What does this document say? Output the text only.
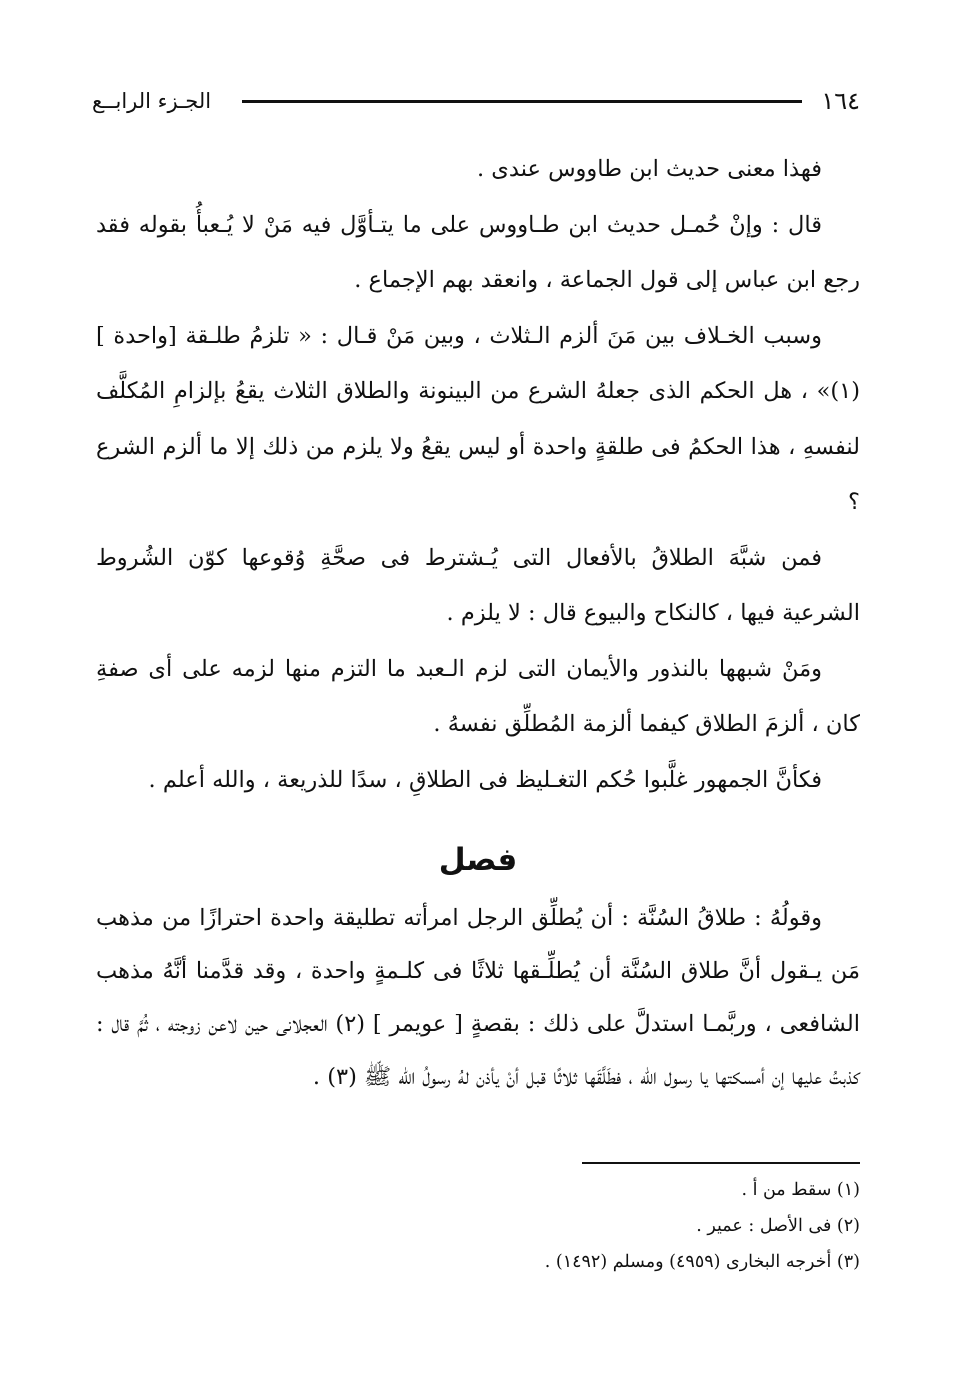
١٦٤
الجـزء الرابــع

فهذا معنى حديث ابن طاووس عندى .

قال : وإنْ حُمـل حديث ابن طـاووس على ما يتـأوَّل فيه مَنْ لا يُـعبأُ بقوله فقد رجع ابن عباس إلى قول الجماعة ، وانعقد بهم الإجماع .

وسبب الخـلاف بين مَنَ ألزم الـثلاث ، وبين مَنْ قـال : « تلزمُ طلـقة [واحدة ] (١)» ، هل الحكم الذى جعلهُ الشرع من البينونة والطلاق الثلاث يقعُ بإلزامِ المُكلَّف لنفسهِ ، هذا الحكمُ فى طلقةٍ واحدة أو ليس يقعُ ولا يلزم من ذلك إلا ما ألزم الشرع ؟

فمن شبَّهَ الطلاقُ بالأفعال التى يُـشترط فى صحَّةِ وُقوعها كوّن الشُروط الشرعية فيها ، كالنكاح والبيوع قال : لا يلزم .

ومَنْ شبهها بالنذور والأيمان التى لزم الـعبد ما التزم منها لزمه على أى صفةِ كان ، ألزمَ الطلاق كيفما ألزمة المُطلِّق نفسهُ .

فكأنَّ الجمهور غلَّبوا حُكم التغـليظ فى الطلاقِ ، سدًا للذريعة ، والله أعلم .

فصل

وقولُهُ : طلاقُ السُنَّة : أن يُطلِّق الرجل امرأته تطليقة واحدة احترازًا من مذهب مَن يـقول أنَّ طلاق السُنَّة أن يُطلِّـقها ثلاثًا فى كلـمةٍ واحدة ، وقد قدَّمنا أنَّهُ مذهب الشافعى ، وربَّمـا استدلَّ على ذلك : بقصةٍ [ عويمر ] (٢) العجلانى حين لاعن زوجته ، ثُمَّ قال : كذبتُ عليها إن أمسكتها يا رسول الله ، فطَلَّقَها ثلاثًا قبل أنْ يأذن لهُ رسولُ الله ﷺ (٣) .

(١) سقط من أ .

(٢) فى الأصل : عمير .

(٣) أخرجه البخارى (٤٩٥٩) ومسلم (١٤٩٢) .
